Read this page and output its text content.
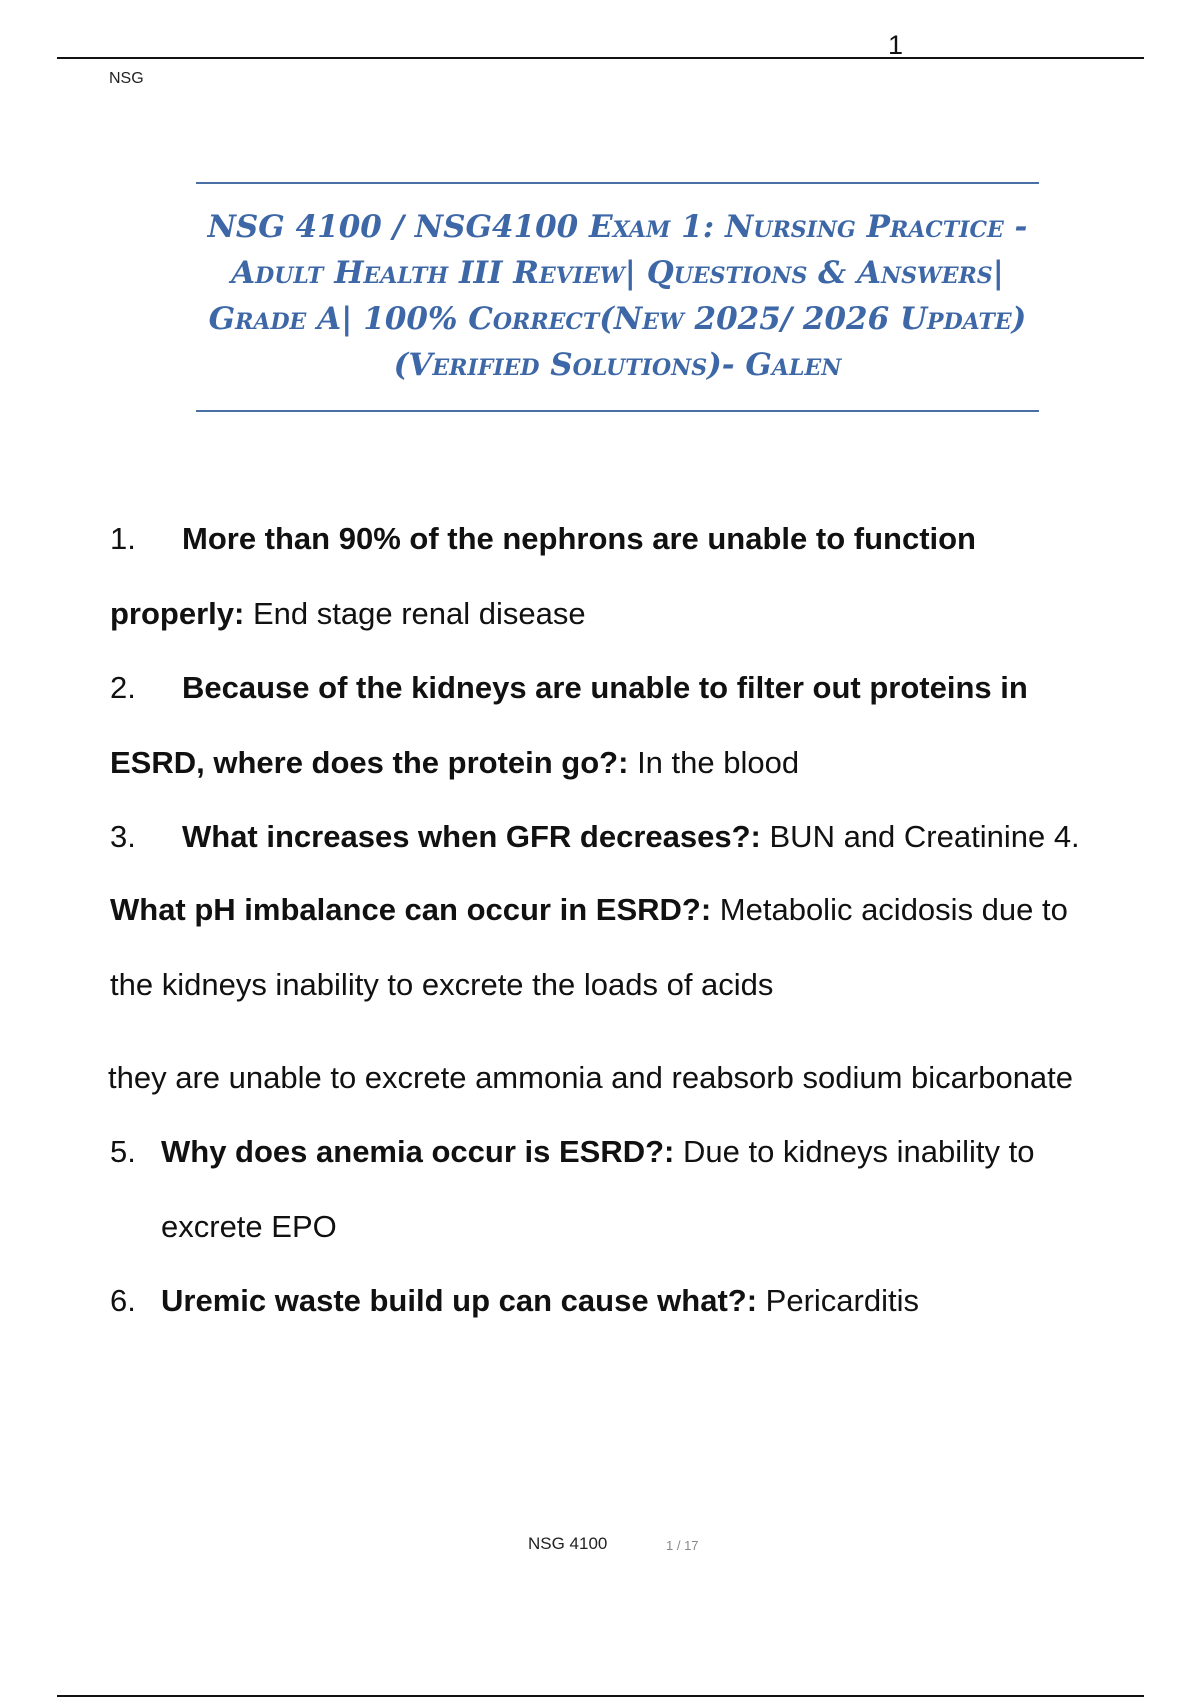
1
NSG
NSG 4100 / NSG4100 Exam 1: Nursing Practice -
Adult Health III Review| Questions & Answers|
Grade A| 100% Correct(New 2025/ 2026 Update)
(Verified Solutions)- Galen
1. More than 90% of the nephrons are unable to function
properly: End stage renal disease
2. Because of the kidneys are unable to filter out proteins in
ESRD, where does the protein go?: In the blood
3. What increases when GFR decreases?: BUN and Creatinine 4.
What pH imbalance can occur in ESRD?: Metabolic acidosis due to
the kidneys inability to excrete the loads of acids
they are unable to excrete ammonia and reabsorb sodium bicarbonate
5. Why does anemia occur is ESRD?: Due to kidneys inability to
excrete EPO
6. Uremic waste build up can cause what?: Pericarditis
NSG 4100	1 / 17
